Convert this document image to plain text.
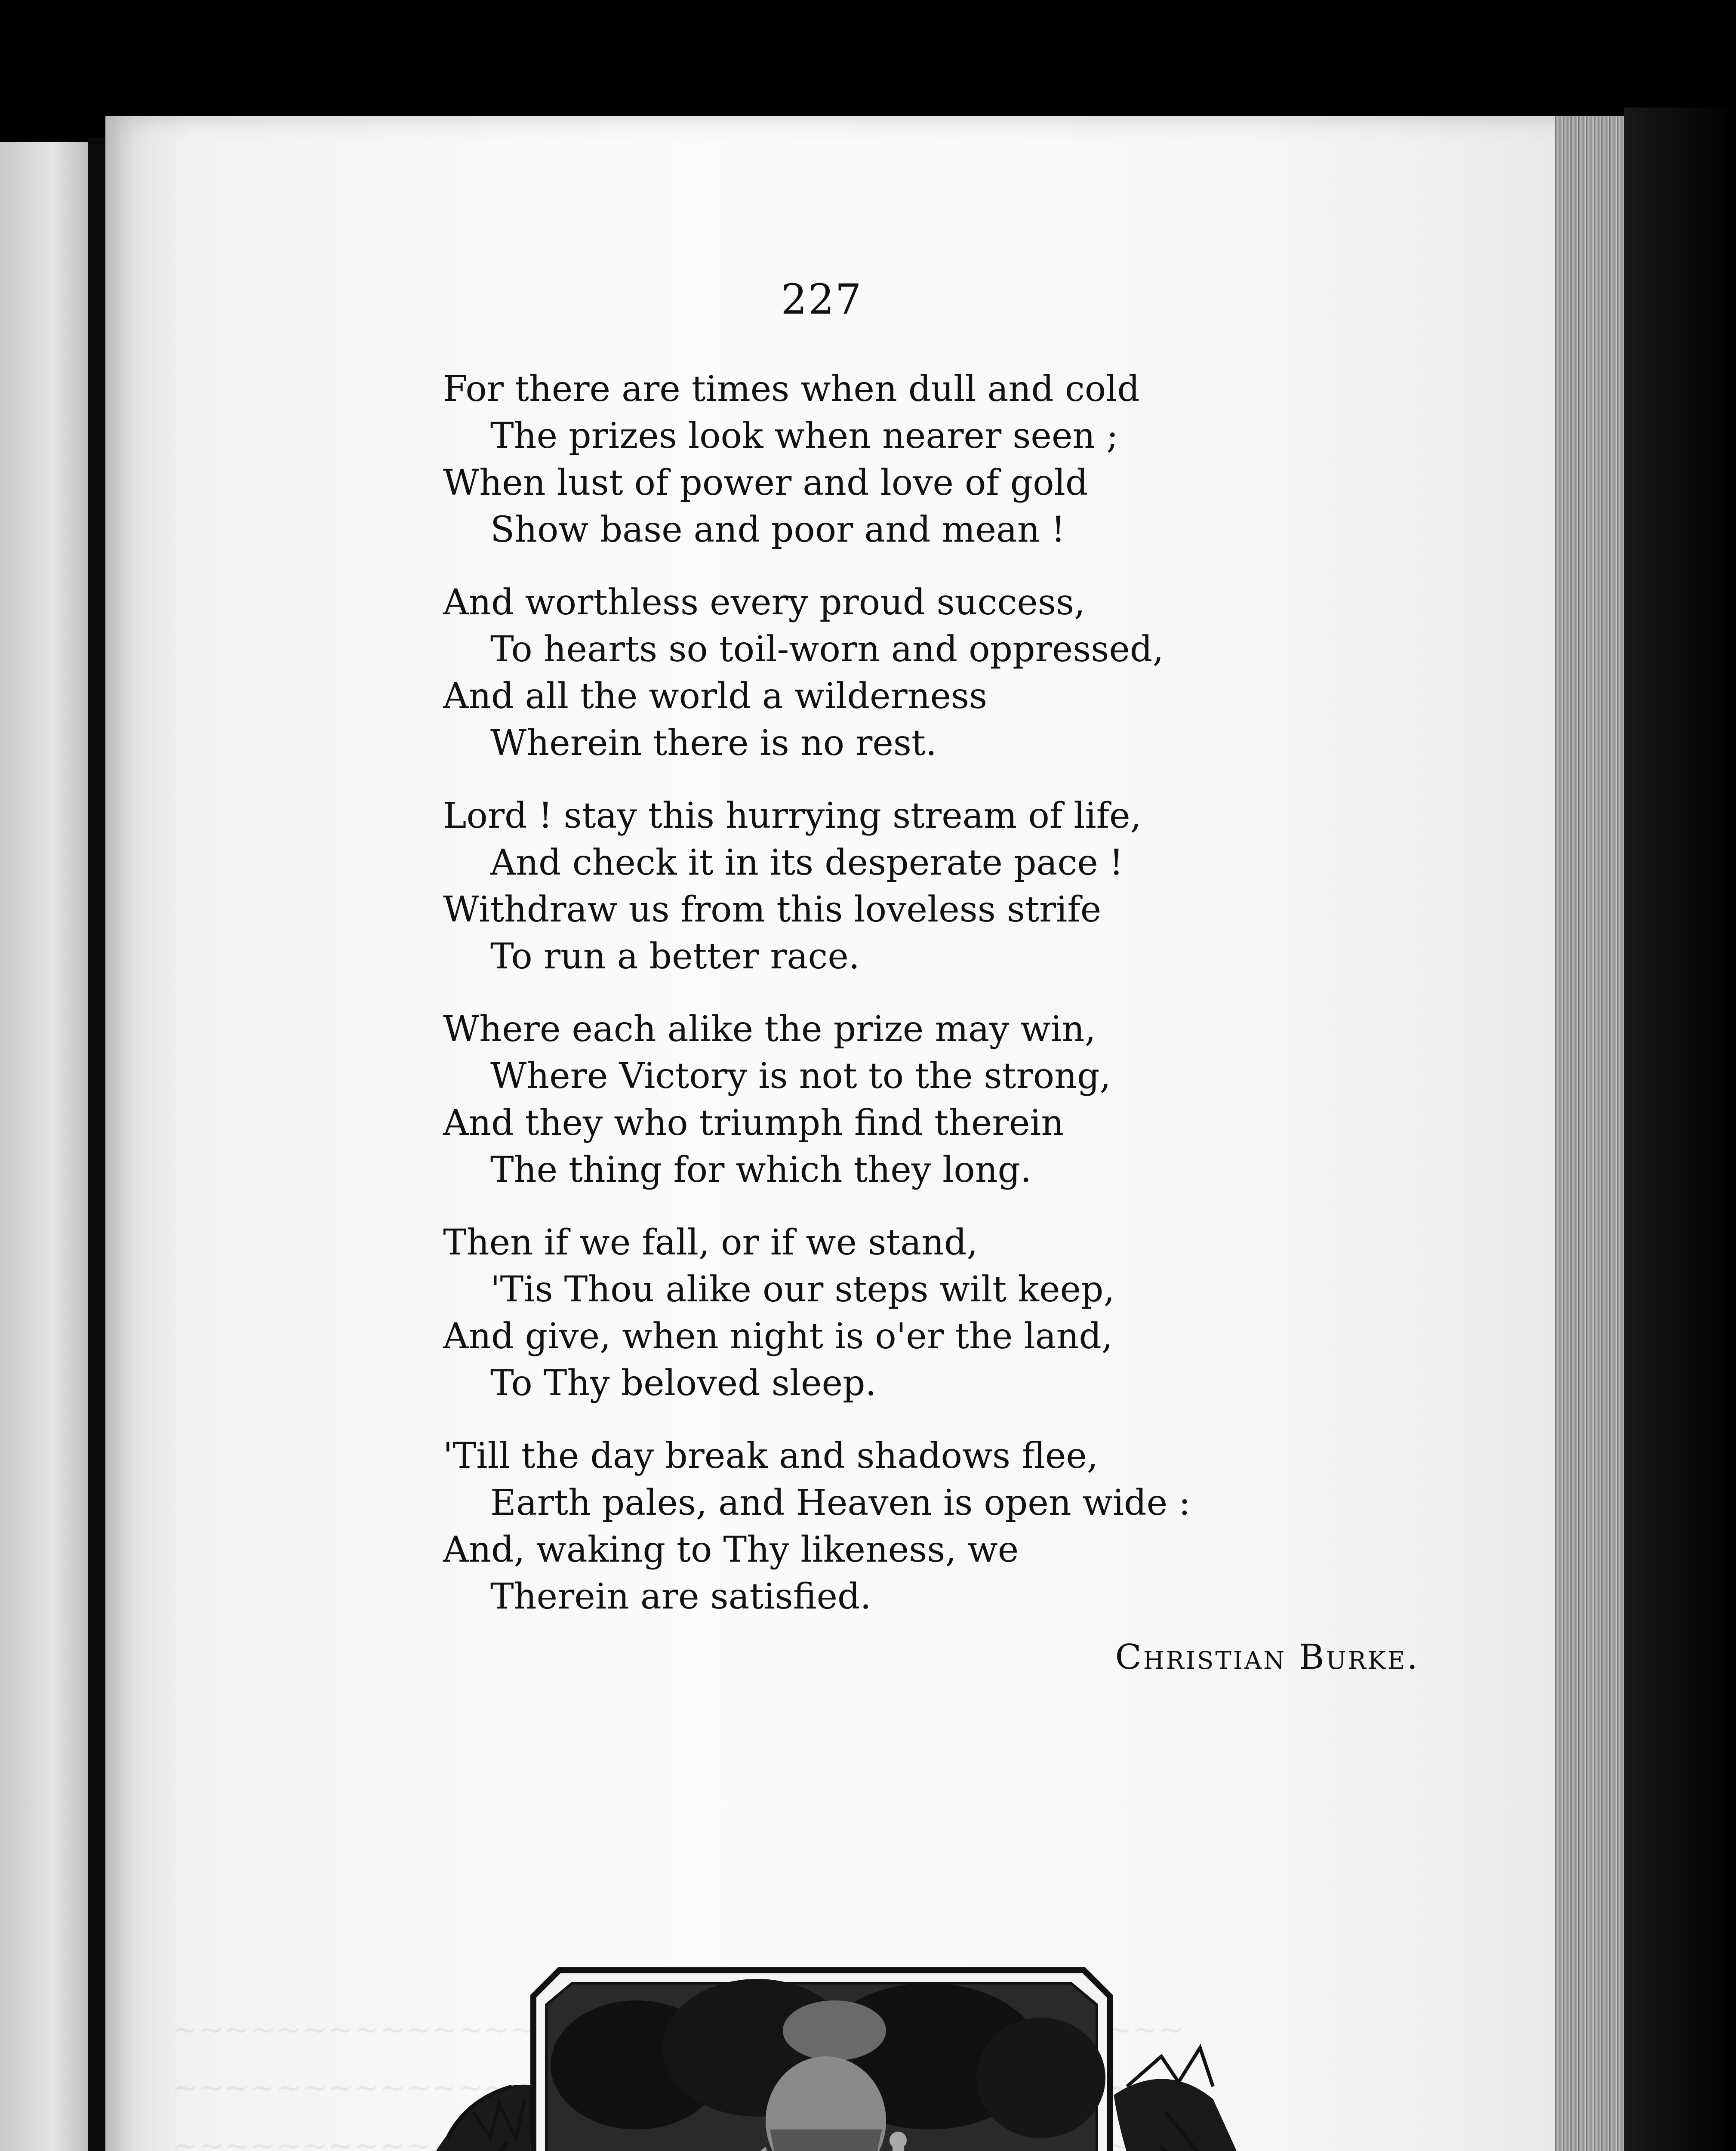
227
For there are times when dull and cold
The prizes look when nearer seen ;
When lust of power and love of gold
Show base and poor and mean !
And worthless every proud success,
To hearts so toil-worn and oppressed,
And all the world a wilderness
Wherein there is no rest.
Lord ! stay this hurrying stream of life,
And check it in its desperate pace !
Withdraw us from this loveless strife
To run a better race.
Where each alike the prize may win,
Where Victory is not to the strong,
And they who triumph find therein
The thing for which they long.
Then if we fall, or if we stand,
'Tis Thou alike our steps wilt keep,
And give, when night is o'er the land,
To Thy beloved sleep.
'Till the day break and shadows flee,
Earth pales, and Heaven is open wide :
And, waking to Thy likeness, we
Therein are satisfied.
Christian Burke.
